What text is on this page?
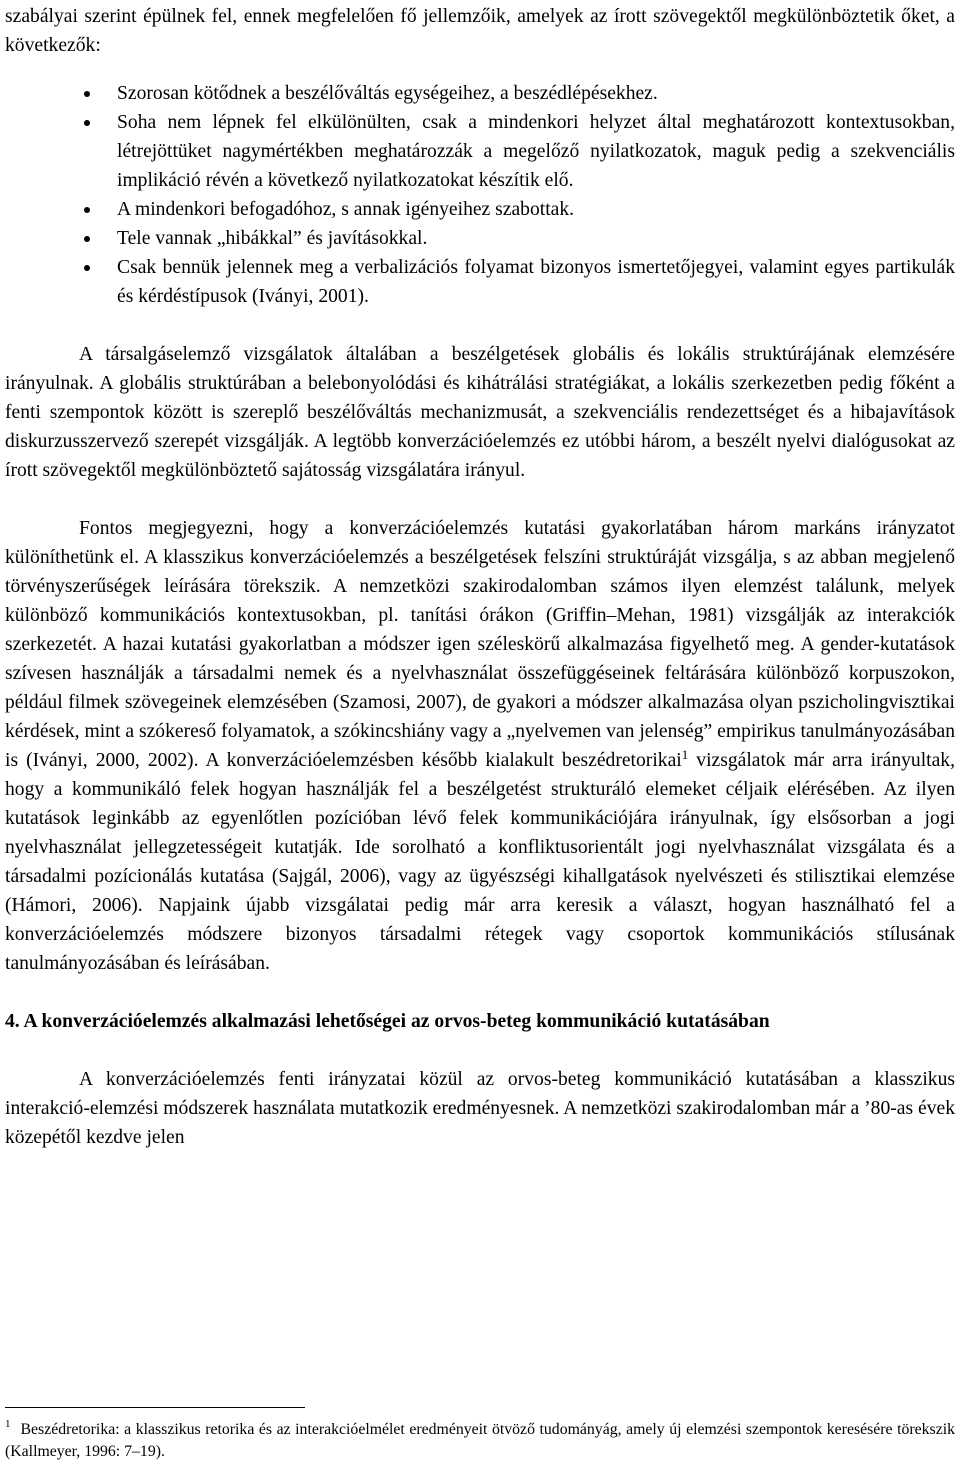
szabályai szerint épülnek fel, ennek megfelelően fő jellemzőik, amelyek az írott szövegektől megkülönböztetik őket, a következők:

Szorosan kötődnek a beszélőváltás egységeihez, a beszédlépésekhez.
Soha nem lépnek fel elkülönülten, csak a mindenkori helyzet által meghatározott kontextusokban, létrejöttüket nagymértékben meghatározzák a megelőző nyilatkozatok, maguk pedig a szekvenciális implikáció révén a következő nyilatkozatokat készítik elő.
A mindenkori befogadóhoz, s annak igényeihez szabottak.
Tele vannak „hibákkal” és javításokkal.
Csak bennük jelennek meg a verbalizációs folyamat bizonyos ismertetőjegyei, valamint egyes partikulák és kérdéstípusok (Iványi, 2001).

A társalgáselemző vizsgálatok általában a beszélgetések globális és lokális struktúrájának elemzésére irányulnak. A globális struktúrában a belebonyolódási és kihátrálási stratégiákat, a lokális szerkezetben pedig főként a fenti szempontok között is szereplő beszélőváltás mechanizmusát, a szekvenciális rendezettséget és a hibajavítások diskurzusszervező szerepét vizsgálják. A legtöbb konverzációelemzés ez utóbbi három, a beszélt nyelvi dialógusokat az írott szövegektől megkülönböztető sajátosság vizsgálatára irányul.

Fontos megjegyezni, hogy a konverzációelemzés kutatási gyakorlatában három markáns irányzatot különíthetünk el. A klasszikus konverzációelemzés a beszélgetések felszíni struktúráját vizsgálja, s az abban megjelenő törvényszerűségek leírására törekszik. A nemzetközi szakirodalomban számos ilyen elemzést találunk, melyek különböző kommunikációs kontextusokban, pl. tanítási órákon (Griffin–Mehan, 1981) vizsgálják az interakciók szerkezetét. A hazai kutatási gyakorlatban a módszer igen széleskörű alkalmazása figyelhető meg. A gender-kutatások szívesen használják a társadalmi nemek és a nyelvhasználat összefüggéseinek feltárására különböző korpuszokon, például filmek szövegeinek elemzésében (Szamosi, 2007), de gyakori a módszer alkalmazása olyan pszicholingvisztikai kérdések, mint a szókereső folyamatok, a szókincshiány vagy a „nyelvemen van jelenség” empirikus tanulmányozásában is (Iványi, 2000, 2002). A konverzációelemzésben később kialakult beszédretorikai$^1$ vizsgálatok már arra irányultak, hogy a kommunikáló felek hogyan használják fel a beszélgetést strukturáló elemeket céljaik elérésében. Az ilyen kutatások leginkább az egyenlőtlen pozícióban lévő felek kommunikációjára irányulnak, így elsősorban a jogi nyelvhasználat jellegzetességeit kutatják. Ide sorolható a konfliktusorientált jogi nyelvhasználat vizsgálata és a társadalmi pozícionálás kutatása (Sajgál, 2006), vagy az ügyészségi kihallgatások nyelvészeti és stilisztikai elemzése (Hámori, 2006). Napjaink újabb vizsgálatai pedig már arra keresik a választ, hogyan használható fel a konverzációelemzés módszere bizonyos társadalmi rétegek vagy csoportok kommunikációs stílusának tanulmányozásában és leírásában.

4. A konverzációelemzés alkalmazási lehetőségei az orvos-beteg kommunikáció kutatásában

A konverzációelemzés fenti irányzatai közül az orvos-beteg kommunikáció kutatásában a klasszikus interakció-elemzési módszerek használata mutatkozik eredményesnek. A nemzetközi szakirodalomban már a ’80-as évek közepétől kezdve jelen

$^1$ Beszédretorika: a klasszikus retorika és az interakcióelmélet eredményeit ötvöző tudományág, amely új elemzési szempontok keresésére törekszik (Kallmeyer, 1996: 7–19).
